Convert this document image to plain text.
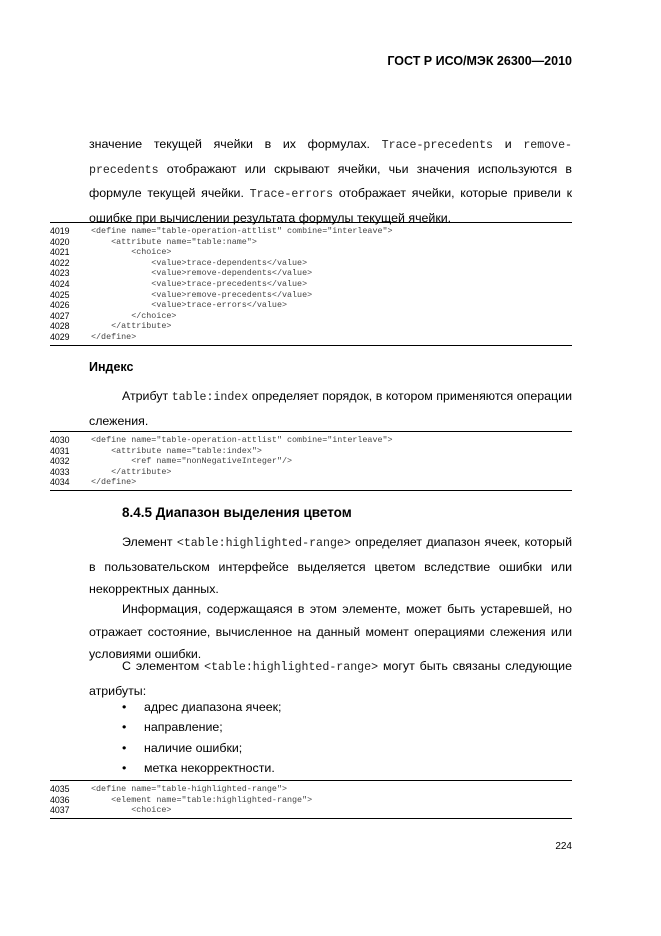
ГОСТ Р ИСО/МЭК 26300—2010
значение текущей ячейки в их формулах. Trace-precedents и remove-precedents отображают или скрывают ячейки, чьи значения используются в формуле текущей ячейки. Trace-errors отображает ячейки, которые привели к ошибке при вычислении результата формулы текущей ячейки.
4019	<define name="table-operation-attlist" combine="interleave">
4020	<attribute name="table:name">
4021	<choice>
4022	<value>trace-dependents</value>
4023	<value>remove-dependents</value>
4024	<value>trace-precedents</value>
4025	<value>remove-precedents</value>
4026	<value>trace-errors</value>
4027	</choice>
4028	</attribute>
4029	</define>
Индекс
Атрибут table:index определяет порядок, в котором применяются операции слежения.
4030	<define name="table-operation-attlist" combine="interleave">
4031	<attribute name="table:index">
4032	<ref name="nonNegativeInteger"/>
4033	</attribute>
4034	</define>
8.4.5 Диапазон выделения цветом
Элемент <table:highlighted-range> определяет диапазон ячеек, который в пользовательском интерфейсе выделяется цветом вследствие ошибки или некорректных данных.
Информация, содержащаяся в этом элементе, может быть устаревшей, но отражает состояние, вычисленное на данный момент операциями слежения или условиями ошибки.
С элементом <table:highlighted-range> могут быть связаны следующие атрибуты:
• адрес диапазона ячеек;
• направление;
• наличие ошибки;
• метка некорректности.
4035	<define name="table-highlighted-range">
4036	<element name="table:highlighted-range">
4037	<choice>
224
